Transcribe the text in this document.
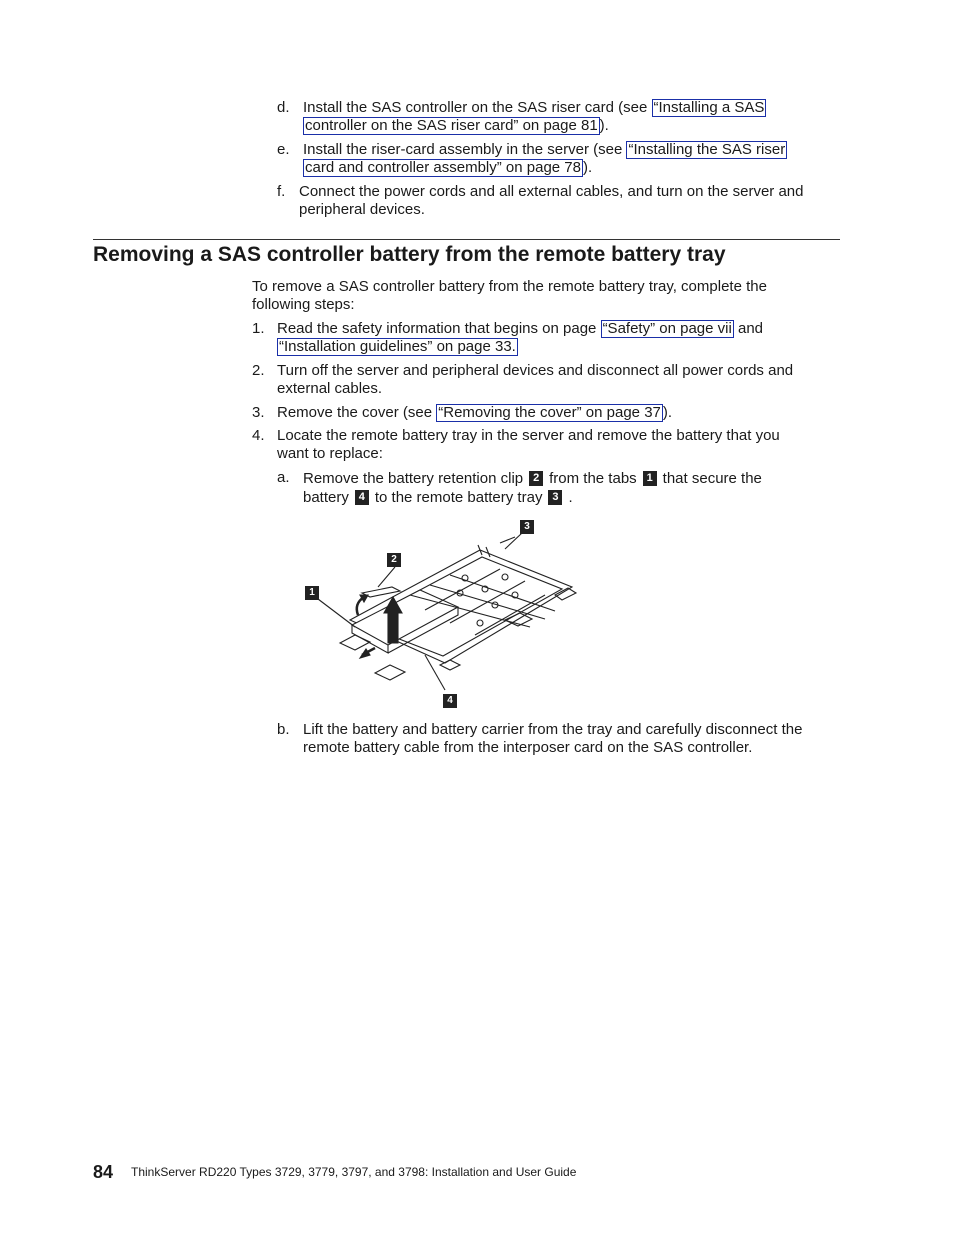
d. Install the SAS controller on the SAS riser card (see “Installing a SAS
controller on the SAS riser card” on page 81 ).
e. Install the riser-card assembly in the server (see “Installing the SAS riser
card and controller assembly” on page 78 ).
f. Connect the power cords and all external cables, and turn on the server and
peripheral devices.
Removing a SAS controller battery from the remote battery tray
To remove a SAS controller battery from the remote battery tray, complete the
following steps:
1. Read the safety information that begins on page “Safety” on page vii and
“Installation guidelines” on page 33.
2. Turn off the server and peripheral devices and disconnect all power cords and
external cables.
3. Remove the cover (see “Removing the cover” on page 37 ).
4. Locate the remote battery tray in the server and remove the battery that you
want to replace:
a. Remove the battery retention clip 2 from the tabs 1 that secure the
battery 4 to the remote battery tray 3 .
1
2
3
4
b. Lift the battery and battery carrier from the tray and carefully disconnect the
remote battery cable from the interposer card on the SAS controller.
84 ThinkServer RD220 Types 3729, 3779, 3797, and 3798: Installation and User Guide
